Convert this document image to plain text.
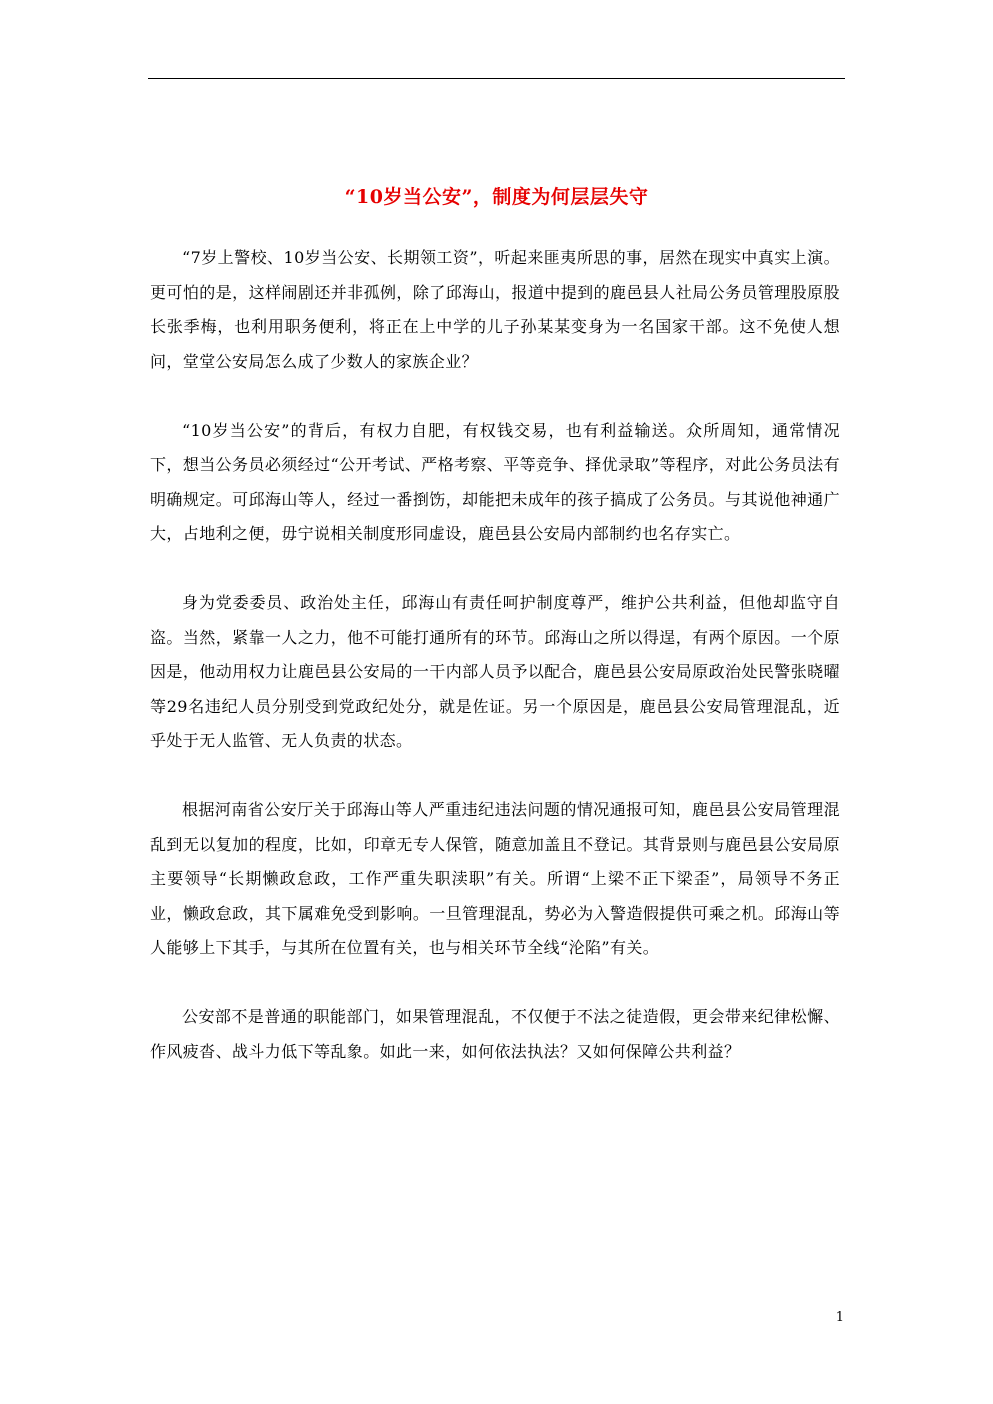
“10岁当公安”，制度为何层层失守

“7岁上警校、10岁当公安、长期领工资”，听起来匪夷所思的事，居然在现实中真实上演。更可怕的是，这样闹剧还并非孤例，除了邱海山，报道中提到的鹿邑县人社局公务员管理股原股长张季梅，也利用职务便利，将正在上中学的儿子孙某某变身为一名国家干部。这不免使人想问，堂堂公安局怎么成了少数人的家族企业？

“10岁当公安”的背后，有权力自肥，有权钱交易，也有利益输送。众所周知，通常情况下，想当公务员必须经过“公开考试、严格考察、平等竞争、择优录取”等程序，对此公务员法有明确规定。可邱海山等人，经过一番捯饬，却能把未成年的孩子搞成了公务员。与其说他神通广大，占地利之便，毋宁说相关制度形同虚设，鹿邑县公安局内部制约也名存实亡。

身为党委委员、政治处主任，邱海山有责任呵护制度尊严，维护公共利益，但他却监守自盗。当然，紧靠一人之力，他不可能打通所有的环节。邱海山之所以得逞，有两个原因。一个原因是，他动用权力让鹿邑县公安局的一干内部人员予以配合，鹿邑县公安局原政治处民警张晓曜等29名违纪人员分别受到党政纪处分，就是佐证。另一个原因是，鹿邑县公安局管理混乱，近乎处于无人监管、无人负责的状态。

根据河南省公安厅关于邱海山等人严重违纪违法问题的情况通报可知，鹿邑县公安局管理混乱到无以复加的程度，比如，印章无专人保管，随意加盖且不登记。其背景则与鹿邑县公安局原主要领导“长期懒政怠政，工作严重失职渎职”有关。所谓“上梁不正下梁歪”，局领导不务正业，懒政怠政，其下属难免受到影响。一旦管理混乱，势必为入警造假提供可乘之机。邱海山等人能够上下其手，与其所在位置有关，也与相关环节全线“沦陷”有关。

公安部不是普通的职能部门，如果管理混乱，不仅便于不法之徒造假，更会带来纪律松懈、作风疲沓、战斗力低下等乱象。如此一来，如何依法执法？又如何保障公共利益？

1
